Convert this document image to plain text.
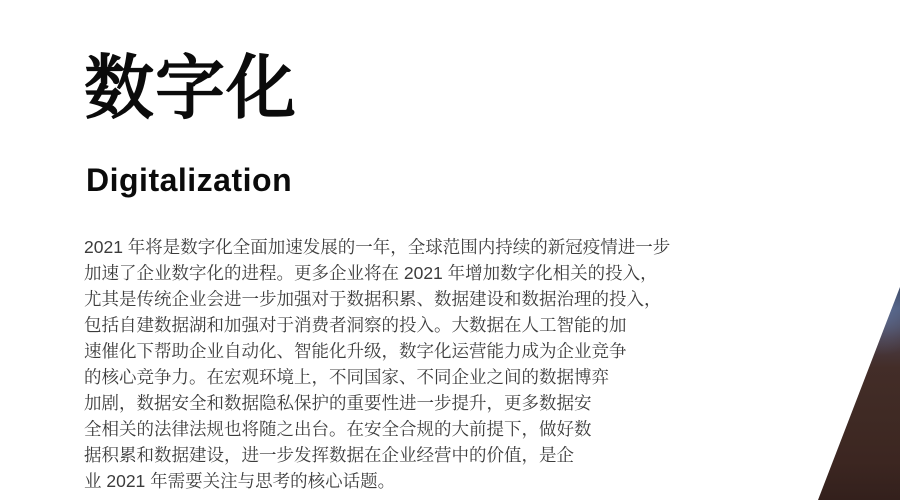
数字化
Digitalization
2021 年将是数字化全面加速发展的一年，全球范围内持续的新冠疫情进一步
加速了企业数字化的进程。更多企业将在 2021 年增加数字化相关的投入，
尤其是传统企业会进一步加强对于数据积累、数据建设和数据治理的投入，
包括自建数据湖和加强对于消费者洞察的投入。大数据在人工智能的加
速催化下帮助企业自动化、智能化升级，数字化运营能力成为企业竞争
的核心竞争力。在宏观环境上，不同国家、不同企业之间的数据博弈
加剧，数据安全和数据隐私保护的重要性进一步提升，更多数据安
全相关的法律法规也将随之出台。在安全合规的大前提下，做好数
据积累和数据建设，进一步发挥数据在企业经营中的价值，是企
业 2021 年需要关注与思考的核心话题。
